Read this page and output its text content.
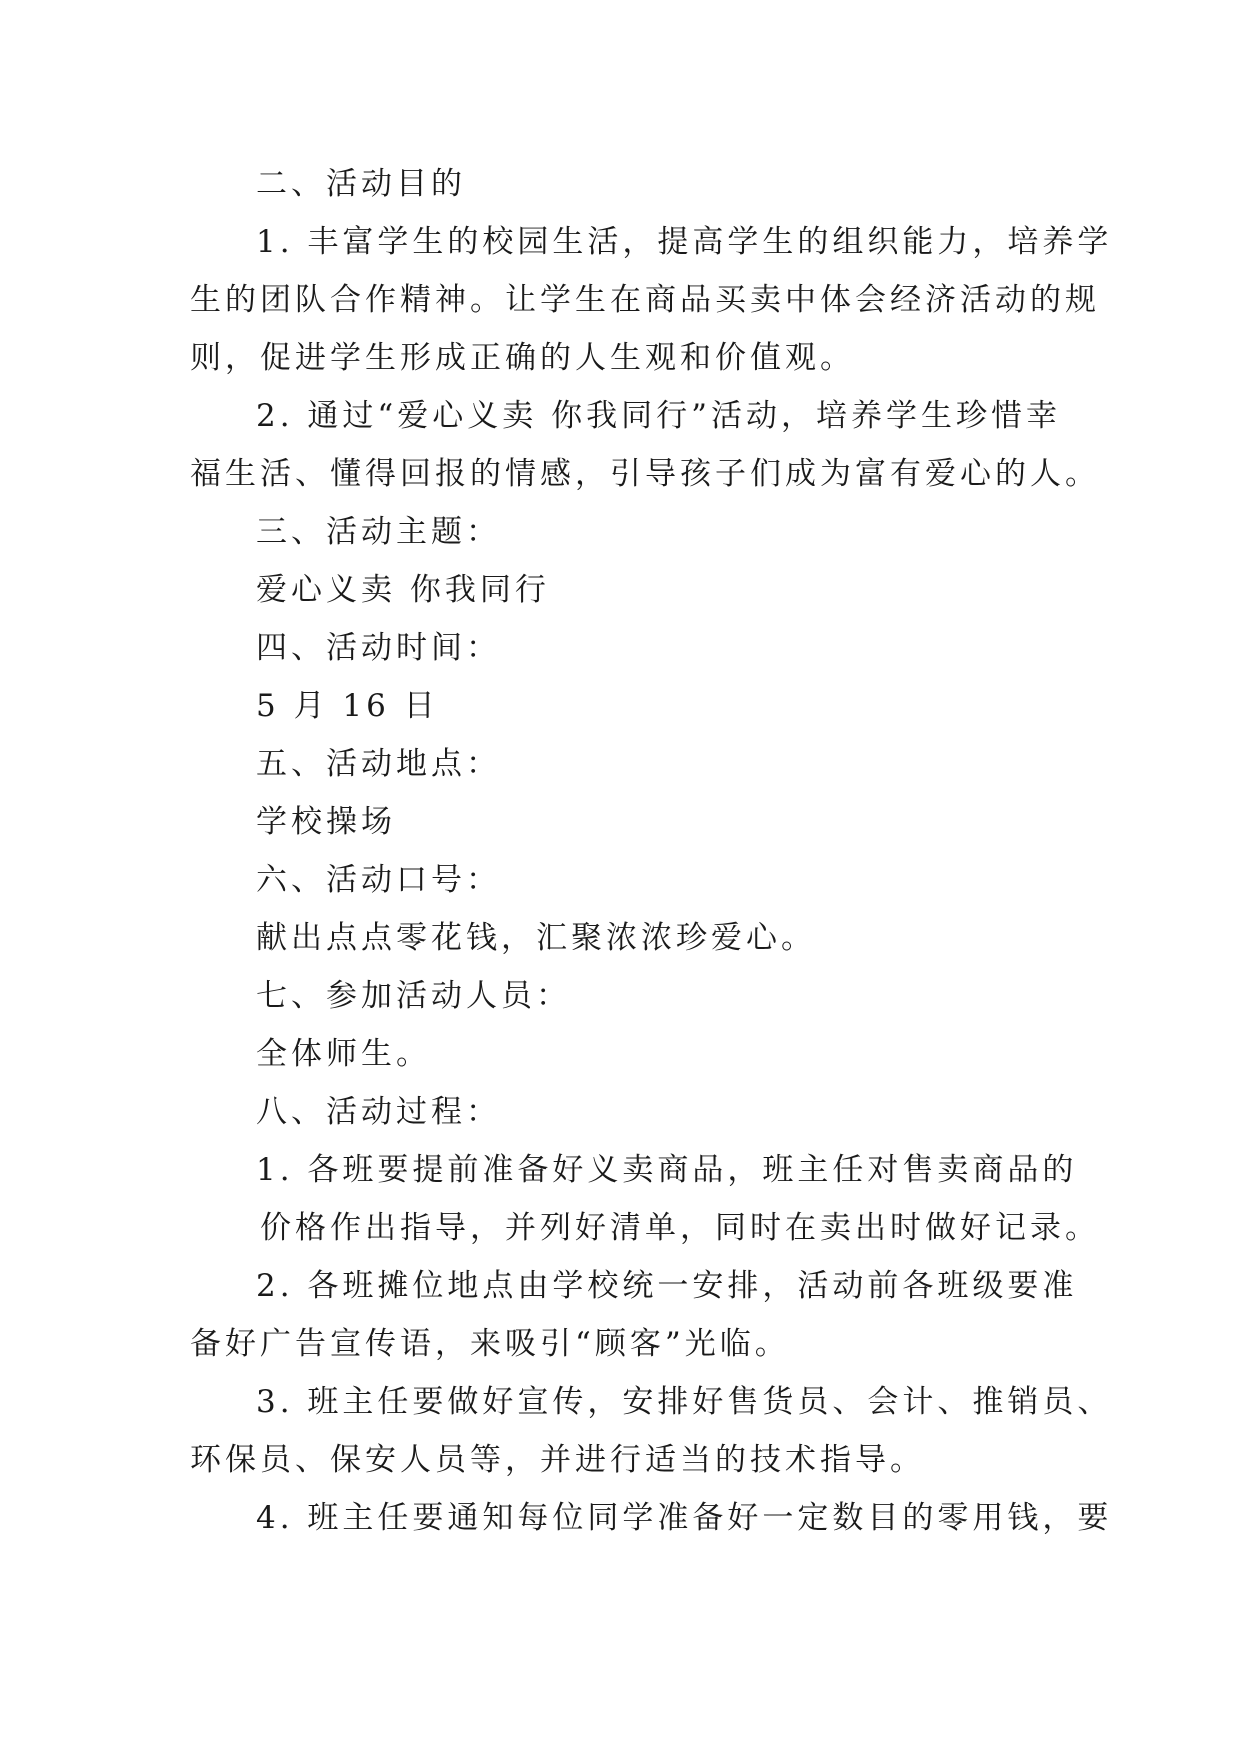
二、活动目的
1. 丰富学生的校园生活，提高学生的组织能力，培养学
生的团队合作精神。让学生在商品买卖中体会经济活动的规
则，促进学生形成正确的人生观和价值观。
2. 通过“爱心义卖 你我同行”活动，培养学生珍惜幸
福生活、懂得回报的情感，引导孩子们成为富有爱心的人。
三、活动主题：
爱心义卖 你我同行
四、活动时间：
5 月 16 日
五、活动地点：
学校操场
六、活动口号：
献出点点零花钱，汇聚浓浓珍爱心。
七、参加活动人员：
全体师生。
八、活动过程：
1. 各班要提前准备好义卖商品，班主任对售卖商品的
价格作出指导，并列好清单，同时在卖出时做好记录。
2. 各班摊位地点由学校统一安排，活动前各班级要准
备好广告宣传语，来吸引“顾客”光临。
3. 班主任要做好宣传，安排好售货员、会计、推销员、
环保员、保安人员等，并进行适当的技术指导。
4. 班主任要通知每位同学准备好一定数目的零用钱，要
